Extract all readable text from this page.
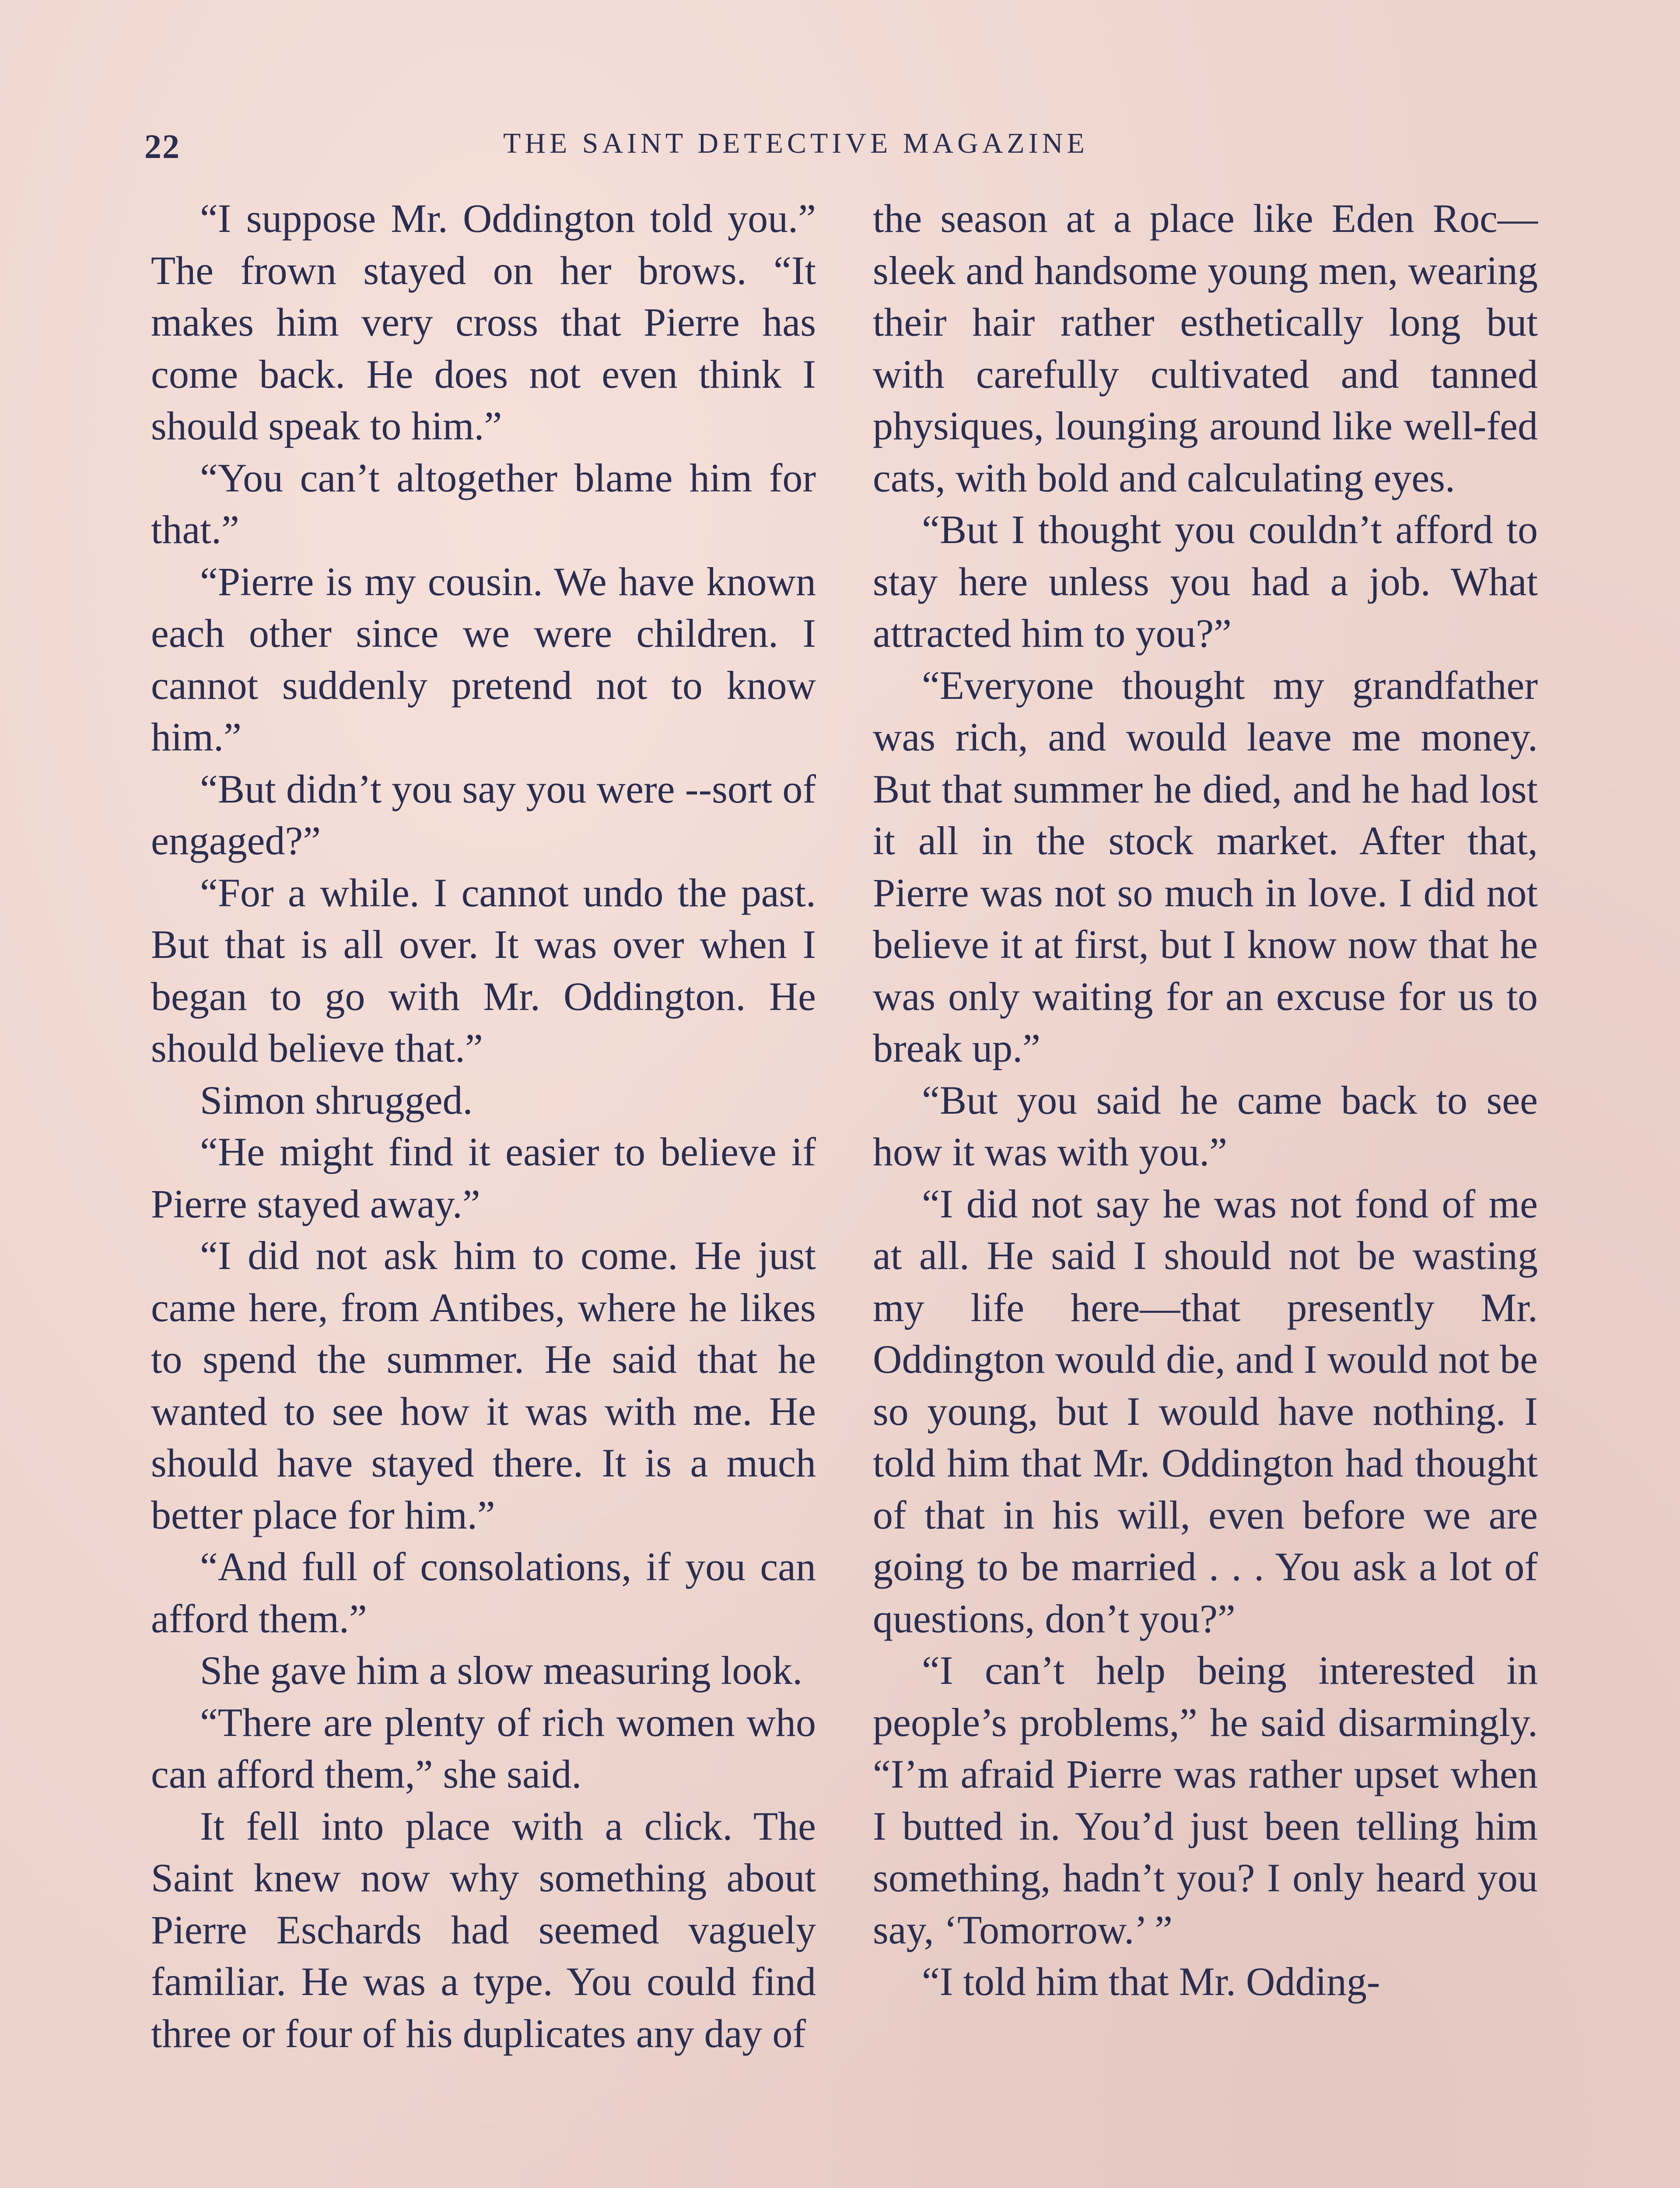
22	THE SAINT DETECTIVE MAGAZINE

“I suppose Mr. Oddington told you.” The frown stayed on her brows. “It makes him very cross that Pierre has come back. He does not even think I should speak to him.”

“You can’t altogether blame him for that.”

“Pierre is my cousin. We have known each other since we were children. I cannot suddenly pretend not to know him.”

“But didn’t you say you were --sort of engaged?”

“For a while. I cannot undo the past. But that is all over. It was over when I began to go with Mr. Oddington. He should believe that.”

Simon shrugged.

“He might find it easier to believe if Pierre stayed away.”

“I did not ask him to come. He just came here, from Antibes, where he likes to spend the summer. He said that he wanted to see how it was with me. He should have stayed there. It is a much better place for him.”

“And full of consolations, if you can afford them.”

She gave him a slow measuring look.

“There are plenty of rich women who can afford them,” she said.

It fell into place with a click. The Saint knew now why something about Pierre Eschards had seemed vaguely familiar. He was a type. You could find three or four of his duplicates any day of

the season at a place like Eden Roc—sleek and handsome young men, wearing their hair rather esthetically long but with carefully cultivated and tanned physiques, lounging around like well-fed cats, with bold and calculating eyes.

“But I thought you couldn’t afford to stay here unless you had a job. What attracted him to you?”

“Everyone thought my grandfather was rich, and would leave me money. But that summer he died, and he had lost it all in the stock market. After that, Pierre was not so much in love. I did not believe it at first, but I know now that he was only waiting for an excuse for us to break up.”

“But you said he came back to see how it was with you.”

“I did not say he was not fond of me at all. He said I should not be wasting my life here—that presently Mr. Oddington would die, and I would not be so young, but I would have nothing. I told him that Mr. Oddington had thought of that in his will, even before we are going to be married . . . You ask a lot of questions, don’t you?”

“I can’t help being interested in people’s problems,” he said disarmingly. “I’m afraid Pierre was rather upset when I butted in. You’d just been telling him something, hadn’t you? I only heard you say, ‘Tomorrow.’ ”

“I told him that Mr. Odding-
